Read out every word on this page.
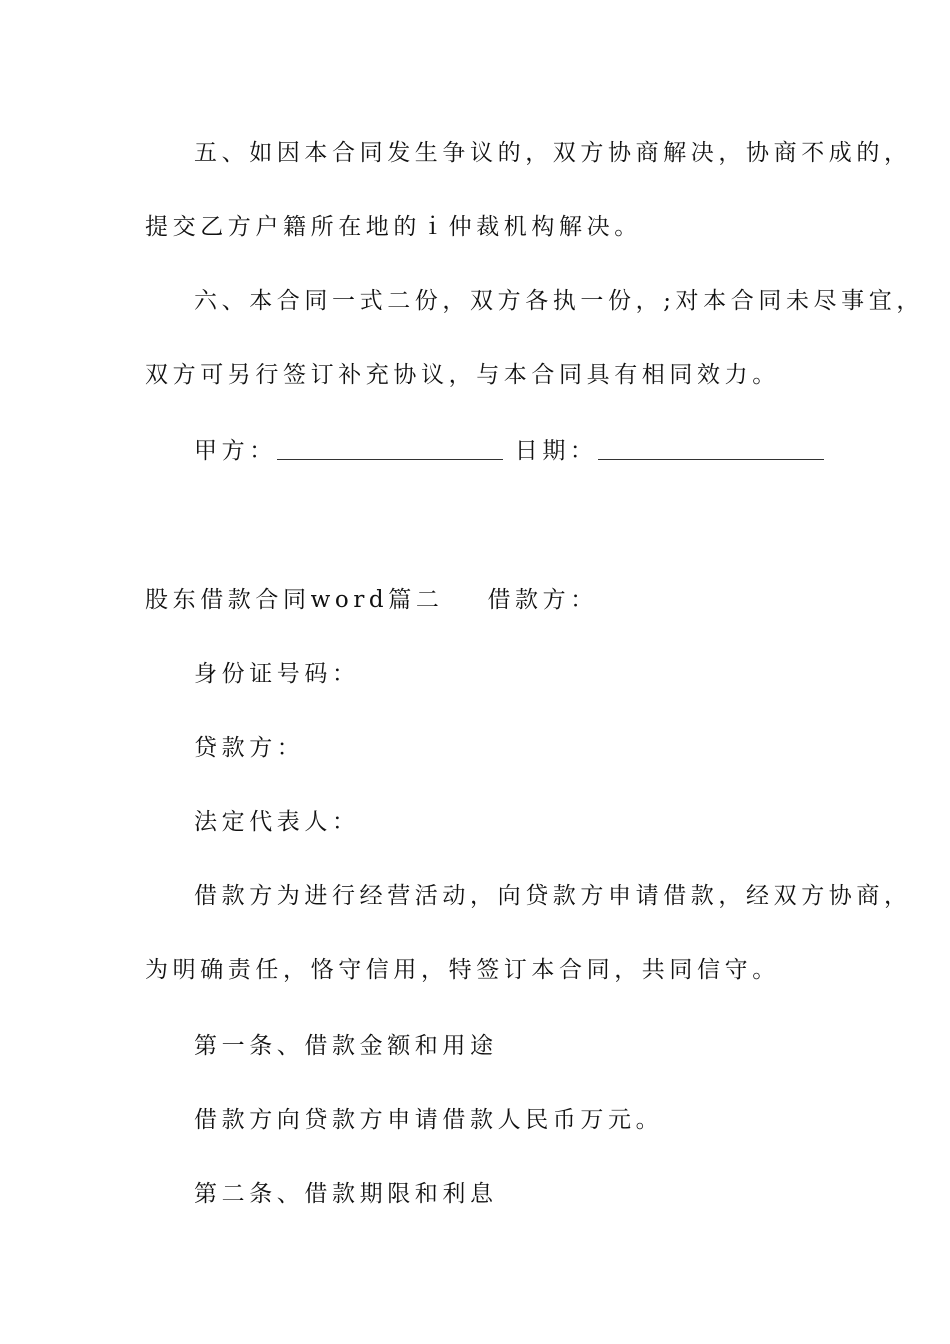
五、如因本合同发生争议的，双方协商解决，协商不成的，
提交乙方户籍所在地的ｉ仲裁机构解决。
六、本合同一式二份，双方各执一份，;对本合同未尽事宜，
双方可另行签订补充协议，与本合同具有相同效力。
甲方：	日期：
股东借款合同word篇二 借款方：
身份证号码：
贷款方：
法定代表人：
借款方为进行经营活动，向贷款方申请借款，经双方协商，
为明确责任，恪守信用，特签订本合同，共同信守。
第一条、借款金额和用途
借款方向贷款方申请借款人民币万元。
第二条、借款期限和利息
